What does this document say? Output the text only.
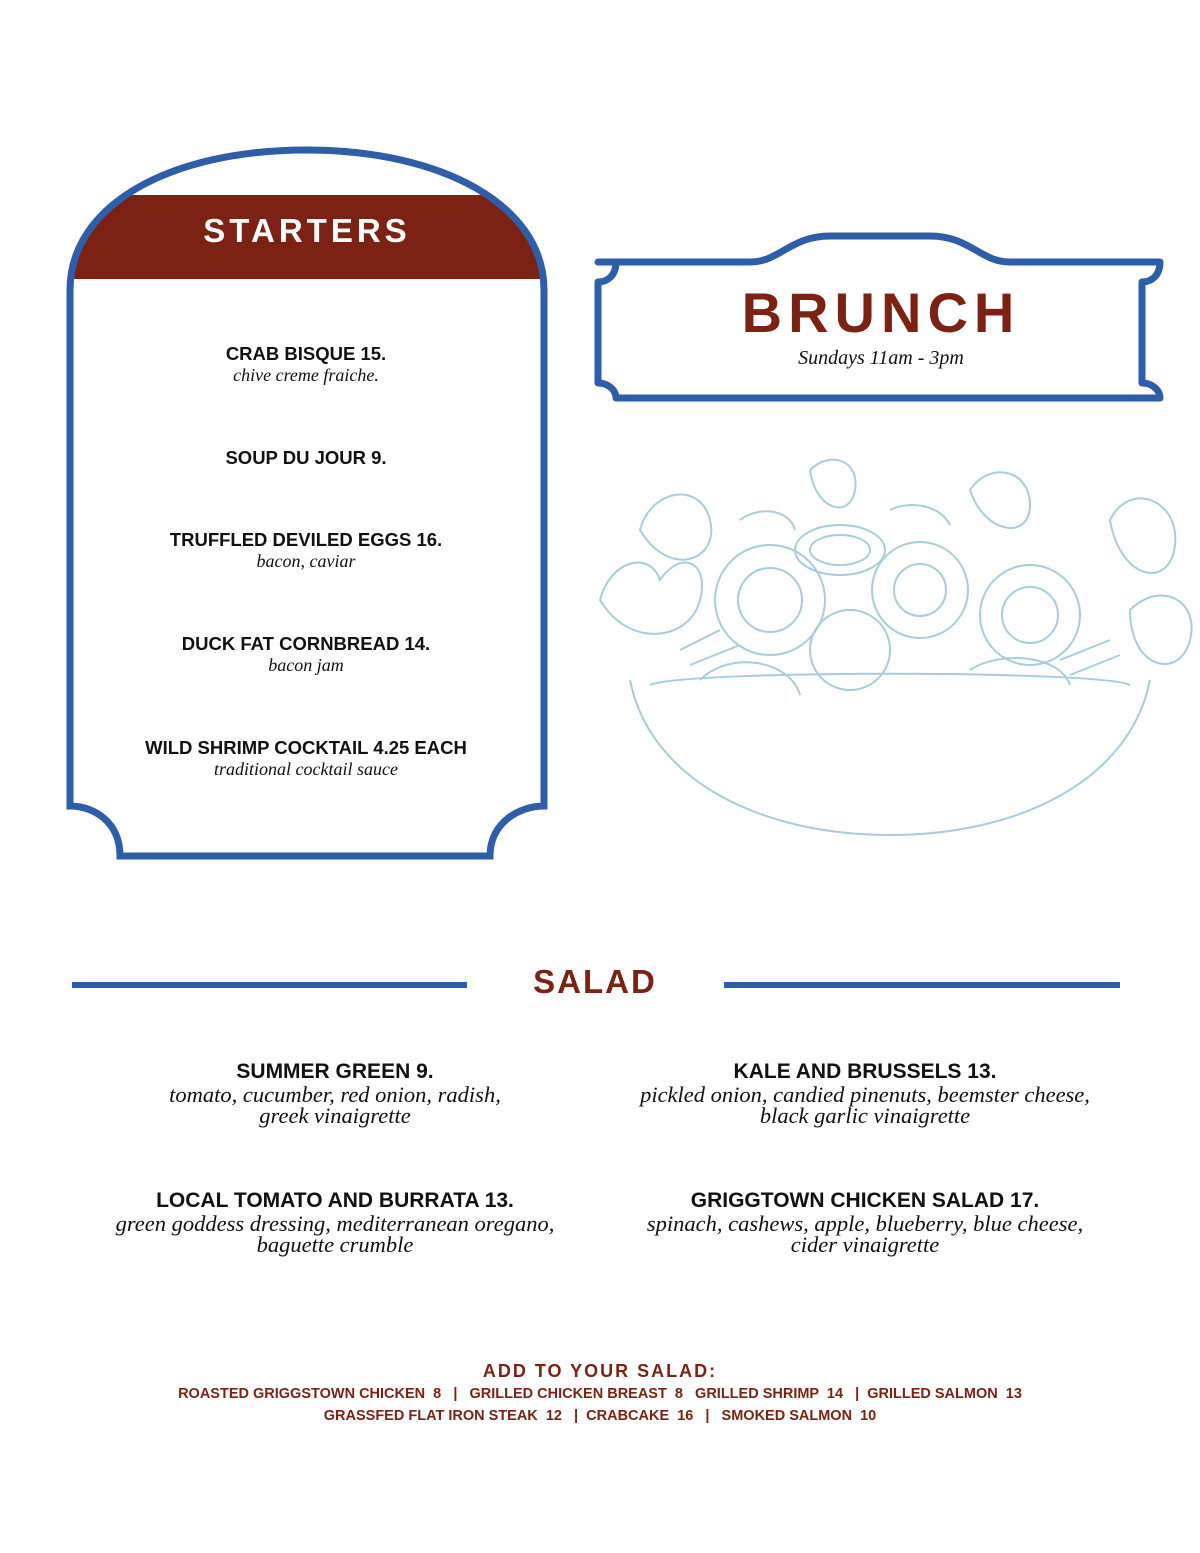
STARTERS
CRAB BISQUE 15.
chive creme fraiche.
SOUP DU JOUR 9.
TRUFFLED DEVILED EGGS 16.
bacon, caviar
DUCK FAT CORNBREAD 14.
bacon jam
WILD SHRIMP COCKTAIL 4.25 EACH
traditional cocktail sauce
BRUNCH
Sundays 11am - 3pm
SALAD
SUMMER GREEN 9.
tomato, cucumber, red onion, radish,
greek vinaigrette
KALE AND BRUSSELS 13.
pickled onion, candied pinenuts, beemster cheese,
black garlic vinaigrette
LOCAL TOMATO AND BURRATA 13.
green goddess dressing, mediterranean oregano,
baguette crumble
GRIGGTOWN CHICKEN SALAD 17.
spinach, cashews, apple, blueberry, blue cheese,
cider vinaigrette
ADD TO YOUR SALAD:
ROASTED GRIGGSTOWN CHICKEN  8   |   GRILLED CHICKEN BREAST  8   GRILLED SHRIMP  14   |  GRILLED SALMON  13
GRASSFED FLAT IRON STEAK  12   |  CRABCAKE  16   |   SMOKED SALMON  10
